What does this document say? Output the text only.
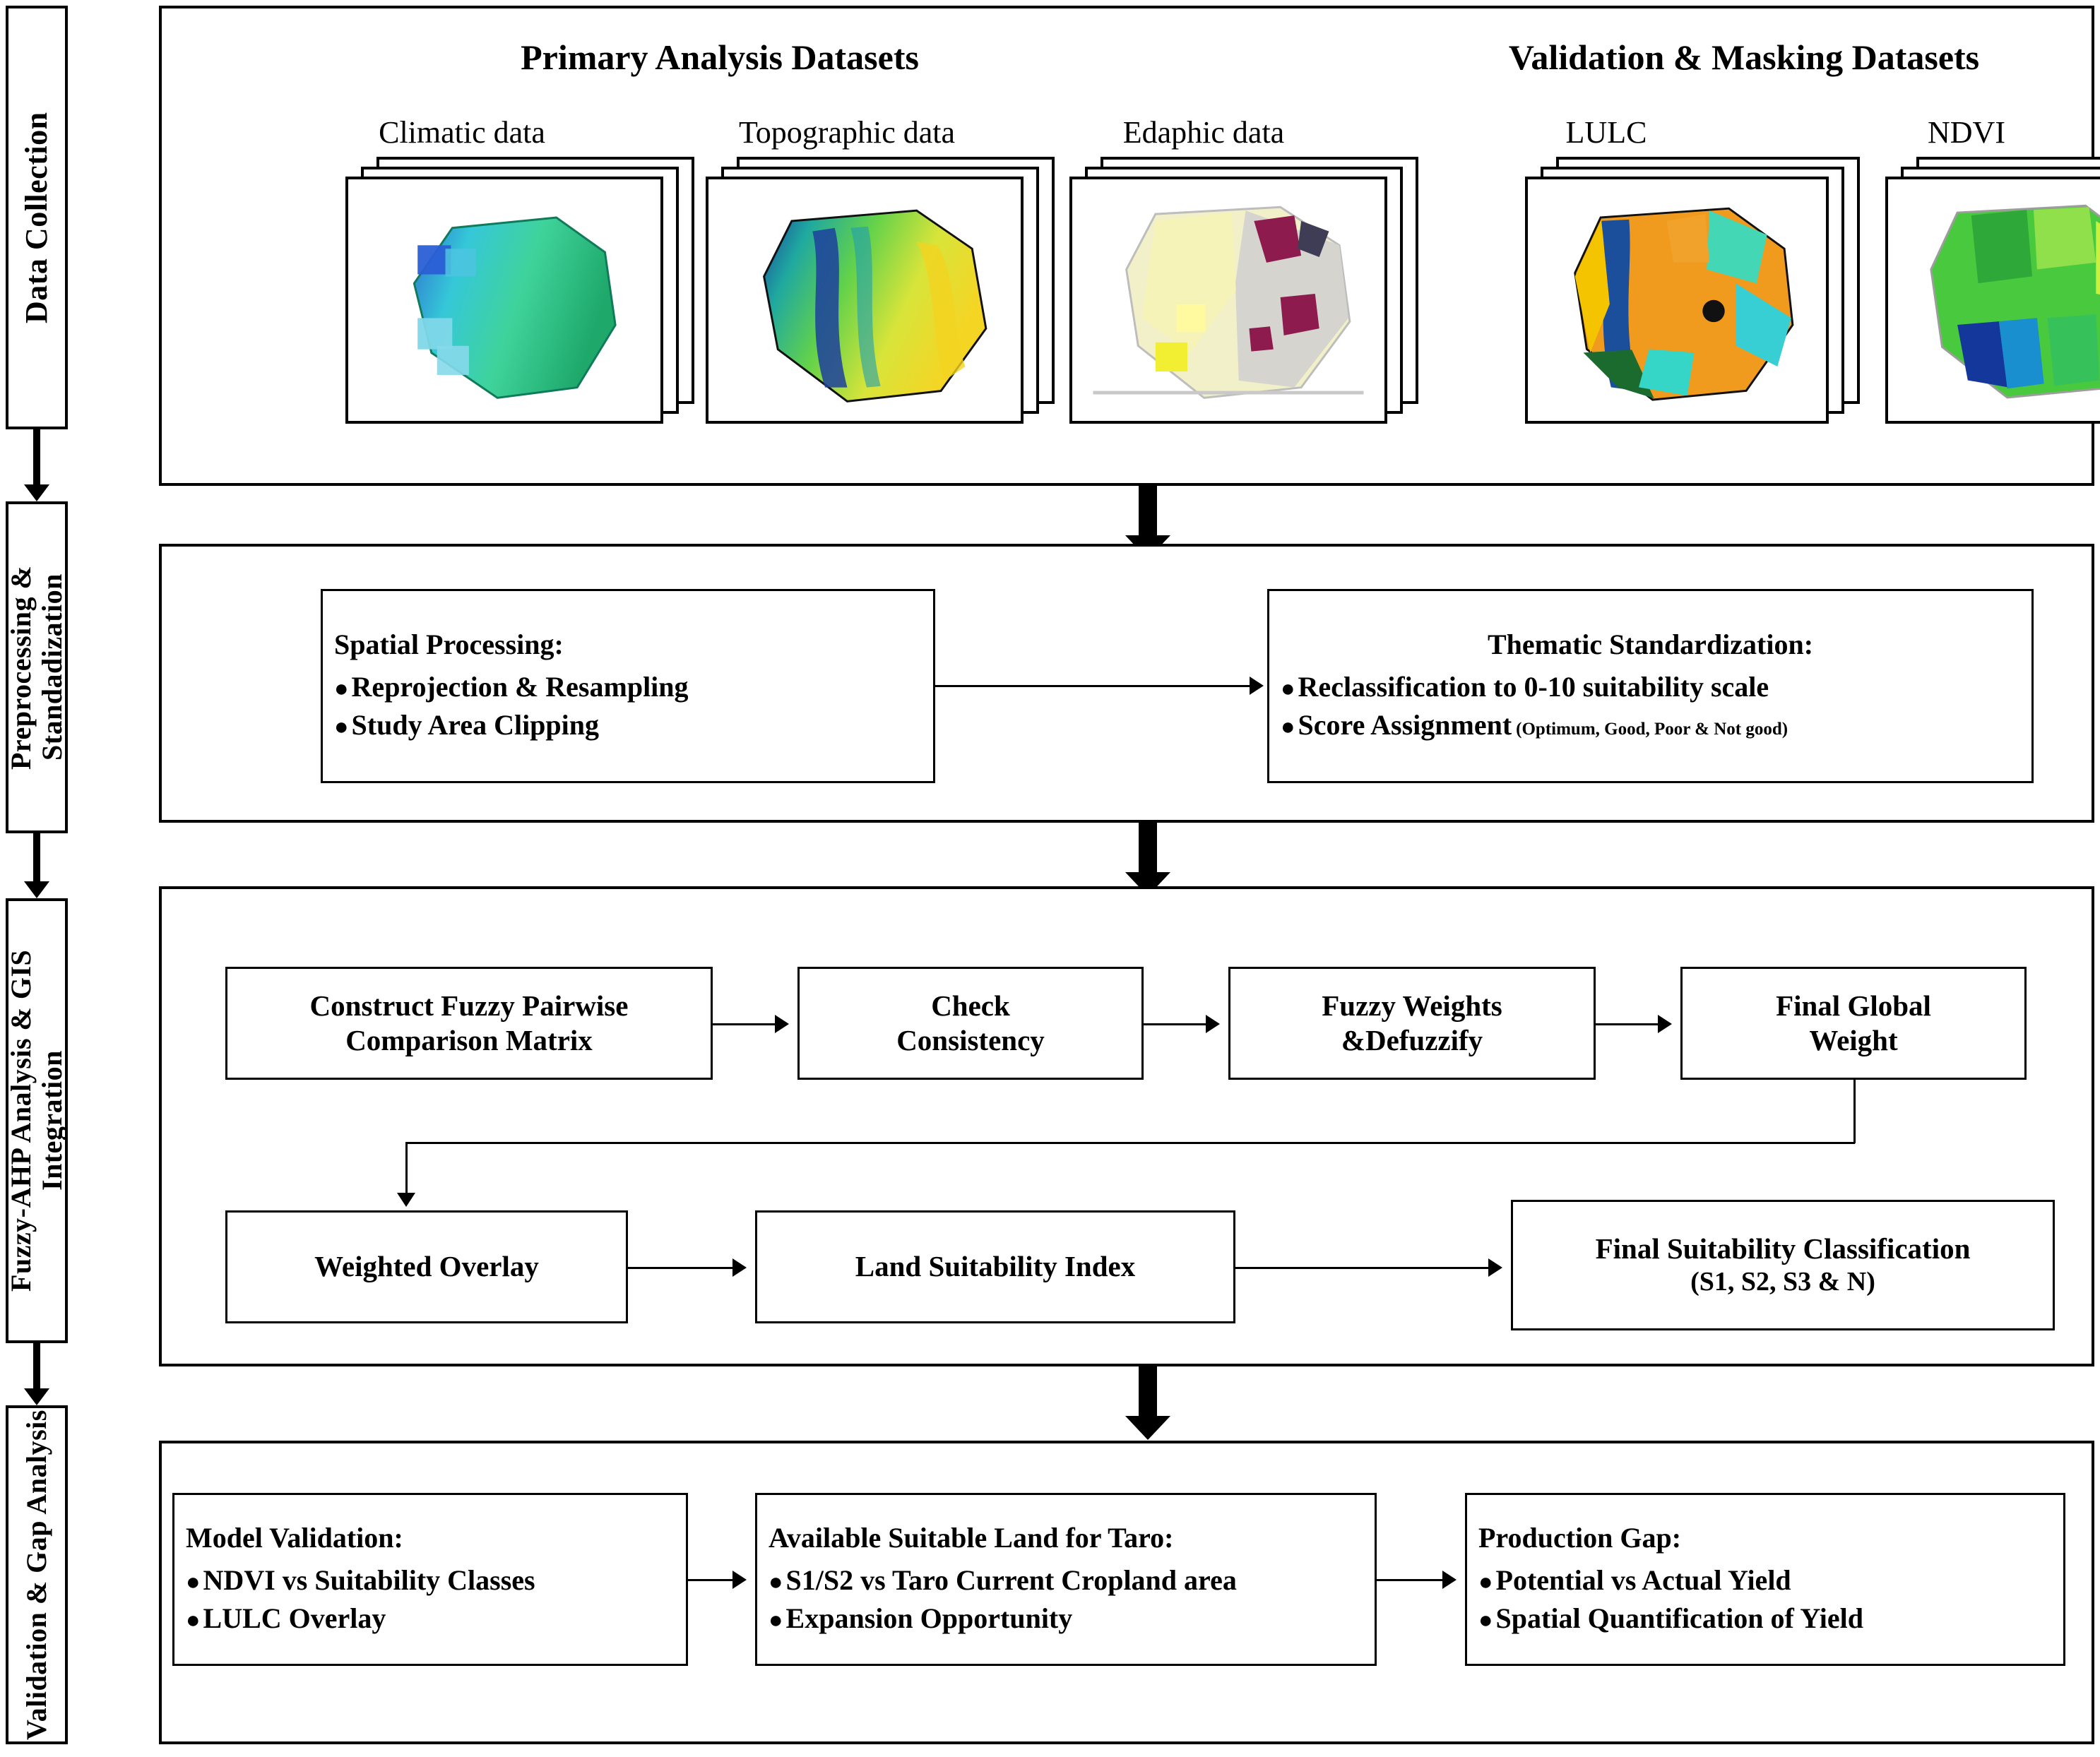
Data Collection
Preprocessing & Standadization
Fuzzy-AHP Analysis & GIS Integration
Validation & Gap Analysis
Primary Analysis Datasets	Validation & Masking Datasets
Climatic data	Topographic data	Edaphic data	LULC	NDVI
Spatial Processing:
● Reprojection & Resampling
● Study Area Clipping
Thematic Standardization:
● Reclassification to 0-10 suitability scale
● Score Assignment (Optimum, Good, Poor & Not good)
Construct Fuzzy Pairwise
Comparison Matrix
Check
Consistency
Fuzzy Weights
&Defuzzify
Final Global
Weight
Weighted Overlay	Land Suitability Index
Final Suitability Classification
(S1, S2, S3 & N)
Model Validation:
● NDVI vs Suitability Classes
● LULC Overlay
Available Suitable Land for Taro:
● S1/S2 vs Taro Current Cropland area
● Expansion Opportunity
Production Gap:
● Potential vs Actual Yield
● Spatial Quantification of Yield
